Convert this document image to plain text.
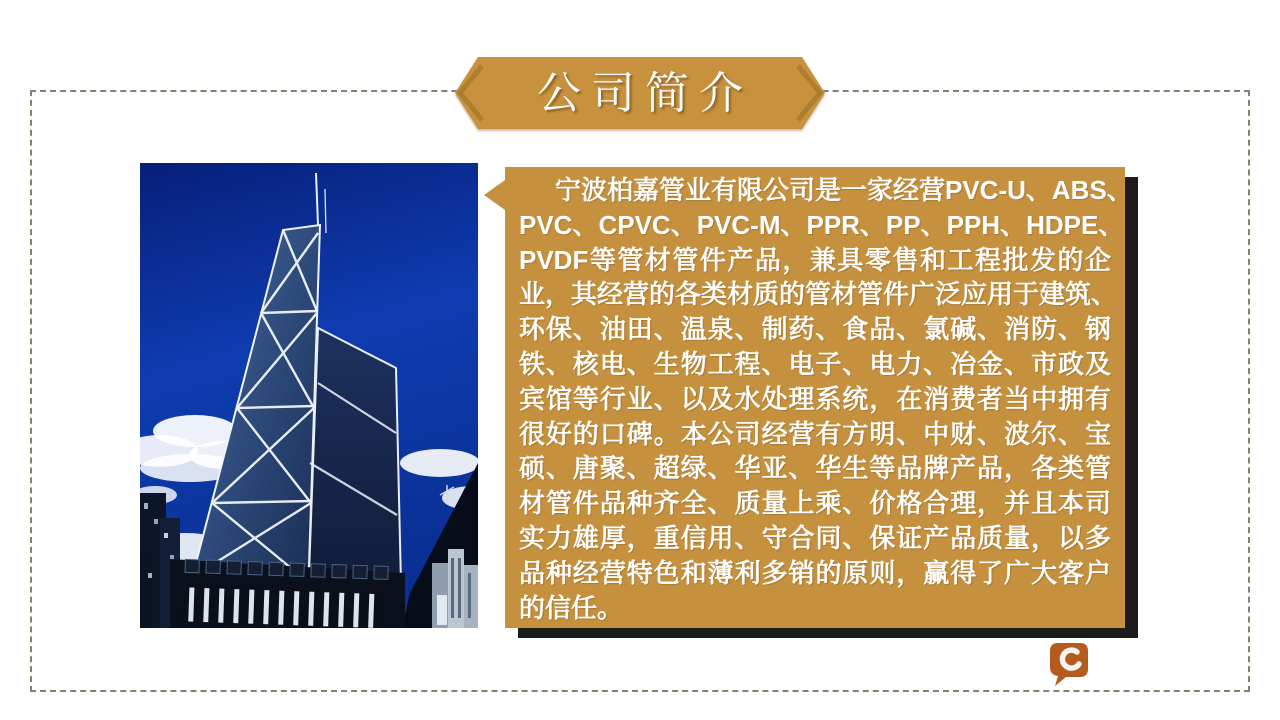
公司简介
宁波柏嘉管业有限公司是一家经营PVC-U、ABS、
PVC、CPVC、PVC-M、PPR、PP、PPH、HDPE、
PVDF等管材管件产品，兼具零售和工程批发的企
业，其经营的各类材质的管材管件广泛应用于建筑、
环保、油田、温泉、制药、食品、氯碱、消防、钢
铁、核电、生物工程、电子、电力、冶金、市政及
宾馆等行业、以及水处理系统，在消费者当中拥有
很好的口碑。本公司经营有方明、中财、波尔、宝
硕、唐聚、超绿、华亚、华生等品牌产品，各类管
材管件品种齐全、质量上乘、价格合理，并且本司
实力雄厚，重信用、守合同、保证产品质量，以多
品种经营特色和薄利多销的原则，赢得了广大客户
的信任。
